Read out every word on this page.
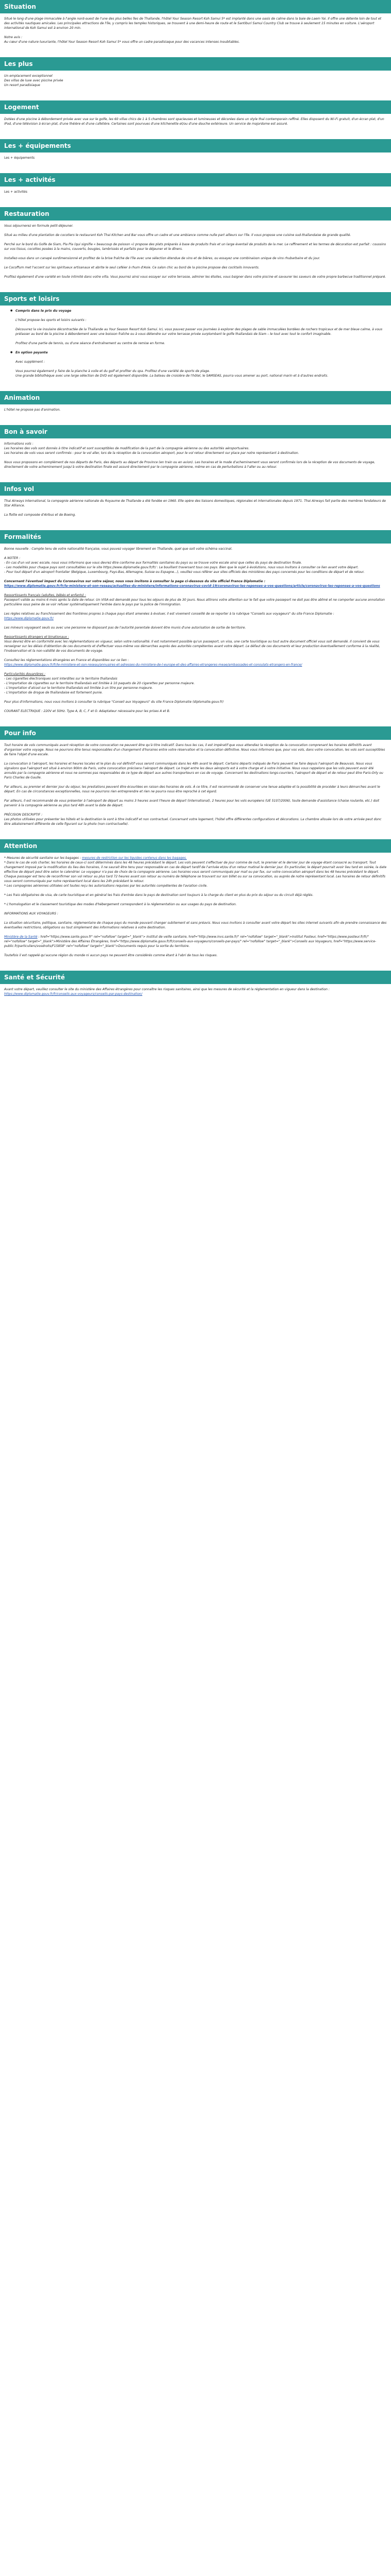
Situation

Situé le long d'une plage immaculée à l'angle nord-ouest de l'une des plus belles îles de Thaïlande, l'hôtel Your Season Resort Koh Samui 5* est implanté dans une oasis de calme dans la baie de Laem Yai. Il offre une détente loin de tout et des activités nautiques amicales. Les principales attractions de l'île, y compris les temples historiques, se trouvent à une demi-heure de route et le Santiburi Samui Country Club se trouve à seulement 15 minutes en voiture. L'aéroport international de Koh Samui est à environ 20 min.

Notre avis :
Au cœur d'une nature luxuriante, l'hôtel Your Season Resort Koh Samui 5* vous offre un cadre paradisiaque pour des vacances intenses inoubliables.

Les plus

Un emplacement exceptionnel
Des villas de luxe avec piscine privée
Un resort paradisiaque

Logement

Dotées d'une piscine à débordement privée avec vue sur le golfe, les 60 villas chics de 1 à 5 chambres sont spacieuses et lumineuses et décorées dans un style thaï contemporain raffiné. Elles disposent du Wi-Fi gratuit, d'un écran plat, d'un iPod, d'une télévision à écran plat, d'une théière et d'une cafetière. Certaines sont pourvues d'une kitchenette et/ou d'une douche extérieure. Un service de majordome est assuré.

Les + équipements

Les + équipements

Les + activités

Les + activités

Restauration

Vous séjournerez en formule petit-déjeuner.

Situé au milieu d'une plantation de cocotiers le restaurant Koh Thai Kitchen and Bar vous offre un cadre et une ambiance comme nulle part ailleurs sur l'île. Il vous propose une cuisine sud-thaïlandaise de grande qualité.

Perché sur le bord du Golfe de Siam, Pla Pla (qui signifie « beaucoup de poisson ») propose des plats préparés à base de produits frais et un large éventail de produits de la mer. Le raffinement et les termes de décoration est parfait : coussins sur vos tissus, cocottes posées à la mains, couverts, bougies, lambrissés et parfaits pour le déjeuner et le dîners.

Installez-vous dans un canapé surdimensionné et profitez de la brise fraîche de l'île avec une sélection étendue de vins et de bières, ou essayez une combinaison unique de vins rhubarbaire et du jour.

Le Cocoffum met l'accent sur les spiritueux artisanaux et abrite le seul caféier à rhum d'Asie. Ce salon chic au bord de la piscine propose des cocktails innovants.

Profitez également d'une variété en toute intimité dans votre villa. Vous pourrez ainsi vous essayer sur votre terrasse, admirer les étoiles, vous baigner dans votre piscine et savourer les saveurs de votre propre barbecue traditionnel préparé.

Sports et loisirs

● Compris dans le prix du voyage

L'hôtel propose les sports et loisirs suivants :

Découvrez la vie insulaire décontractée de la Thaïlande au Your Season Resort Koh Samui. Ici, vous pouvez passer vos journées à explorer des plages de sable immaculées bordées de rochers tropicaux et de mer bleue calme, à vous prélasser au bord de la piscine à débordement avec une boisson fraîche ou à vous détendre sur votre terrasse privée surplombant le golfe thaïlandais de Siam – le tout avec tout le confort imaginable.

Profitez d'une partie de tennis, ou d'une séance d'entraînement au centre de remise en forme.

● En option payante

Avec supplément :

Vous pourrez également y faire de la planche à voile et du golf et profiter du spa. Profitez d'une variété de sports de plage.
Une grande bibliothèque avec une large sélection de DVD est également disponible. La bateau de croisière de l'hôtel, le SAMSEAS, pourra vous amener au port, national marin et à d'autres endroits.

Animation

L'hôtel ne propose pas d'animation.

Bon à savoir

Informations vols :
Les horaires des vols sont donnés à titre indicatif et sont susceptibles de modification de la part de la compagnie aérienne ou des autorités aéroportuaires.
Les horaires de vols vous seront confirmés : pour le vol aller, lors de la réception de la convocation aéroport, pour le vol retour directement sur place par notre représentant à destination.

Nous vous proposons en complément de nos départs de Paris, des départs au départ de Province (en train ou en avion). Les horaires et le mode d'acheminement vous seront confirmés lors de la réception de vos documents de voyage, directement de votre acheminement jusqu'à votre destination finale est assuré directement par le compagnie aérienne, même en cas de perturbations à l'aller ou au retour.

Infos vol

Thai Airways International, la compagnie aérienne nationale du Royaume de Thaïlande a été fondée en 1960. Elle opère des liaisons domestiques, régionales et internationales depuis 1971. Thai Airways fait partie des membres fondateurs de Star Alliance.

La flotte est composée d'Airbus et de Boeing.

Formalités

Bonne nouvelle : Compte tenu de votre nationalité française, vous pouvez voyager librement en Thaïlande, quel que soit votre schéma vaccinal.

A NOTER :
- En cas d'un vol avec escale, nous vous informons que vous devrez être conforme aux formalités sanitaires du pays ou se trouve votre escale ainsi que celles du pays de destination finale.
- Les modalités pour chaque pays sont consultables sur le site https://www.diplomatie.gouv.fr/fr/ : Le bouillant traversant tous ces pays. Bien que le sujet à évolutions, nous vous invitons à consulter ce lien avant votre départ.
- Pour tout départ d'un aéroport frontalier (Belgique, Luxembourg, Pays-Bas, Allemagne, Suisse ou Espagne...), veuillez vous référer aux sites officiels des ministères des pays concernés pour les conditions de départ et de retour.

Concernant l'éventuel impact du Coronavirus sur votre séjour, nous vous invitons à consulter la page ci-dessous du site officiel France Diplomatie :
https://www.diplomatie.gouv.fr/fr/le-ministere-et-son-reseau/actualites-du-ministere/informations-coronavirus-covid-19/coronavirus-les-reponses-a-vos-questions/article/coronavirus-les-reponses-a-vos-questions

Ressortissants français (adultes, bébés et enfants) :
Passeport valide au moins 6 mois après la date de retour. Un VISA est demandé pour tous les séjours de plus de 30 jours. Nous attirons votre attention sur le fait que votre passeport ne doit pas être abîmé et ne comporter aucune annotation particulière sous peine de se voir refuser systématiquement l'entrée dans le pays par la police de l'immigration.

Les règles relatives au franchissement des frontières propres à chaque pays étant amenées à évoluer, il est vivement conseillé de se reporter à la rubrique "Conseils aux voyageurs" du site France Diplomatie :
https://www.diplomatie.gouv.fr/

Les mineurs voyageant seuls ou avec une personne ne disposant pas de l'autorité parentale doivent être munis d'une autorisation de sortie de territoire.

Ressortissants étrangers et binationaux :
Vous devrez être en conformité avec les réglementations en vigueur, selon votre nationalité. Il est notamment possible qu'un passeport, un visa, une carte touristique ou tout autre document officiel vous soit demandé. Il convient de vous renseigner sur les délais d'obtention de ces documents et d'effectuer vous-même vos démarches auprès des autorités compétentes avant votre départ. Le défaut de ces documents et leur production éventuellement conforme à la réalité, l'inobservation et la non-validité de vos documents de voyage.

Consultez les réglementations étrangères en France et disponibles sur ce lien :
https://www.diplomatie.gouv.fr/fr/le-ministere-et-son-reseau/annuaires-et-adresses-du-ministere-de-l-europe-et-des-affaires-etrangeres-meae/ambassades-et-consulats-etrangers-en-france/

Particularités douanières :
- Les cigarettes électroniques sont interdites sur le territoire thaïlandais
- L'importation de cigarettes sur le territoire thaïlandais est limitée à 10 paquets de 20 cigarettes par personne majeure.
- L'importation d'alcool sur le territoire thaïlandais est limitée à un litre par personne majeure.
- L'importation de drogue de thaïlandaise est fortement punie.

Pour plus d'informations, nous vous invitons à consulter la rubrique "Conseil aux Voyageurs" du site France Diplomatie (diplomatie.gouv.fr)

COURANT ELECTRIQUE : 220V et 50Hz. Type A, B, C, F et O. Adaptateur nécessaire pour les prises A et B.

Pour info

Tout horaire de vols communiqués avant réception de votre convocation ne peuvent être qu'à titre indicatif. Dans tous les cas, il est impératif que vous attendiez la réception de la convocation comprenant les horaires définitifs avant d'organiser votre voyage. Nous ne pourrons être tenus responsables d'un changement d'horaires entre votre réservation et la convocation définitive. Nous vous informons que, pour vos vols, dans votre convocation, les vols sont susceptibles de faire l'objet d'une escale.

La convocation à l'aéroport, les horaires et heures locales et le plan du vol définitif vous seront communiqués dans les 48h avant le départ. Certains départs indiqués de Paris peuvent se faire depuis l'aéroport de Beauvais. Nous vous signalons que l'aéroport est situé à environ 90km de Paris, votre convocation précisera l'aéroport de départ. Le trajet entre les deux aéroports est à votre charge et à votre initiative. Nous vous rappelons que les vols peuvent avoir été annulés par la compagnie aérienne et nous ne sommes pas responsables de ce type de départ aux autres transporteurs en cas de voyage. Concernant les destinations longs-courriers, l'aéroport de départ et de retour peut être Paris-Orly ou Paris Charles de Gaulle.

Par ailleurs, au premier et dernier jour du séjour, les prestations peuvent être écourtées en raison des horaires de vols. À ce titre, il est recommandé de conserver une tenue adaptée et la possibilité de procéder à leurs démarches avant le départ. En cas de circonstances exceptionnelles, nous ne pourrons rien entreprendre et rien ne pourra nous être reproché à cet égard.

Par ailleurs, il est recommandé de vous présenter à l'aéroport de départ au moins 3 heures avant l'heure de départ (international), 2 heures pour les vols européens (UE 5107/2006), toute demande d'assistance (chaise roulante, etc.) doit parvenir à la compagnie aérienne au plus tard 48h avant la date de départ.

PRÉCISION DESCRIPTIF :
Les photos utilisées pour présenter les hôtels et la destination le sont à titre indicatif et non contractuel. Concernant votre logement, l'hôtel offre différentes configurations et décorations. La chambre allouée lors de votre arrivée peut donc être aléatoirement différente de celle figurant sur la photo (non contractuelle).

Attention

* Mesures de sécurité sanitaire sur les bagages : mesures de restriction sur les liquides contenus dans les bagages.
* Dans le cas de vols charter, les horaires de ceux-ci sont déterminés dans les 48 heures précédant le départ. Les vols peuvent s'effectuer de jour comme de nuit, le premier et le dernier jour de voyage étant consacré au transport. Tout changement imposé par la modification du lieu des horaires, il ne saurait être tenu pour responsable en cas de départ tardif de l'arrivée et/ou d'un retour matinal le dernier jour. En particulier, le départ pourrait avoir lieu tard en soirée, la date effective de départ peut être selon le calendrier. Le voyageur n'a pas de choix de la compagnie aérienne. Les horaires vous seront communiqués par mail ou par fax, sur votre convocation aéroport dans les 48 heures précédant le départ. Chaque passager est tenu de reconfirmer son vol retour au plus tard 72 heures avant son retour au numéro de téléphone se trouvant sur son billet ou sur sa convocation, ou auprès de notre représentant local. Les horaires de retour définitifs vous seront communiqués par notre représentant local dans les 24h précédant le retour.
* Les compagnies aériennes utilisées ont toutes reçu les autorisations requises par les autorités compétentes de l'aviation civile.

* Les frais obligatoires de visa, de carte touristique et en général les frais d'entrée dans le pays de destination sont toujours à la charge du client en plus du prix du séjour ou du circuit déjà réglés.

* L'homologation et le classement touristique des modes d'hébergement correspondent à la réglementation ou aux usages du pays de destination.

INFORMATIONS AUX VOYAGEURS :

La situation sécuritaire, politique, sanitaire, réglementaire de chaque pays du monde pouvant changer subitement et sans préavis. Nous vous invitons à consulter avant votre départ les sites internet suivants afin de prendre connaissance des éventuelles restrictions, obligations ou tout simplement des informations relatives à votre destination.

Ministère de la Santé : href="https://www.sante.gouv.fr" rel="nofollow" target="_blank"> Institut de veille sanitaire, href="http://www.invs.sante.fr/" rel="nofollow" target="_blank">Institut Pasteur, href="https://www.pasteur.fr/fr/" rel="nofollow" target="_blank">Ministère des Affaires Étrangères, href="https://www.diplomatie.gouv.fr/fr/conseils-aux-voyageurs/conseils-par-pays/" rel="nofollow" target="_blank">Conseils aux Voyageurs, href="https://www.service-public.fr/particuliers/vosdroits/F15858" rel="nofollow" target="_blank">Documents requis pour la sortie du territoire.

Toutefois il est rappelé qu'aucune région du monde ni aucun pays ne peuvent être considérés comme étant à l'abri de tous les risques.

Santé et Sécurité

Avant votre départ, veuillez consulter le site du ministère des Affaires étrangères pour connaître les risques sanitaires, ainsi que les mesures de sécurité et la réglementation en vigueur dans la destination : https://www.diplomatie.gouv.fr/fr/conseils-aux-voyageurs/conseils-par-pays-destination/
